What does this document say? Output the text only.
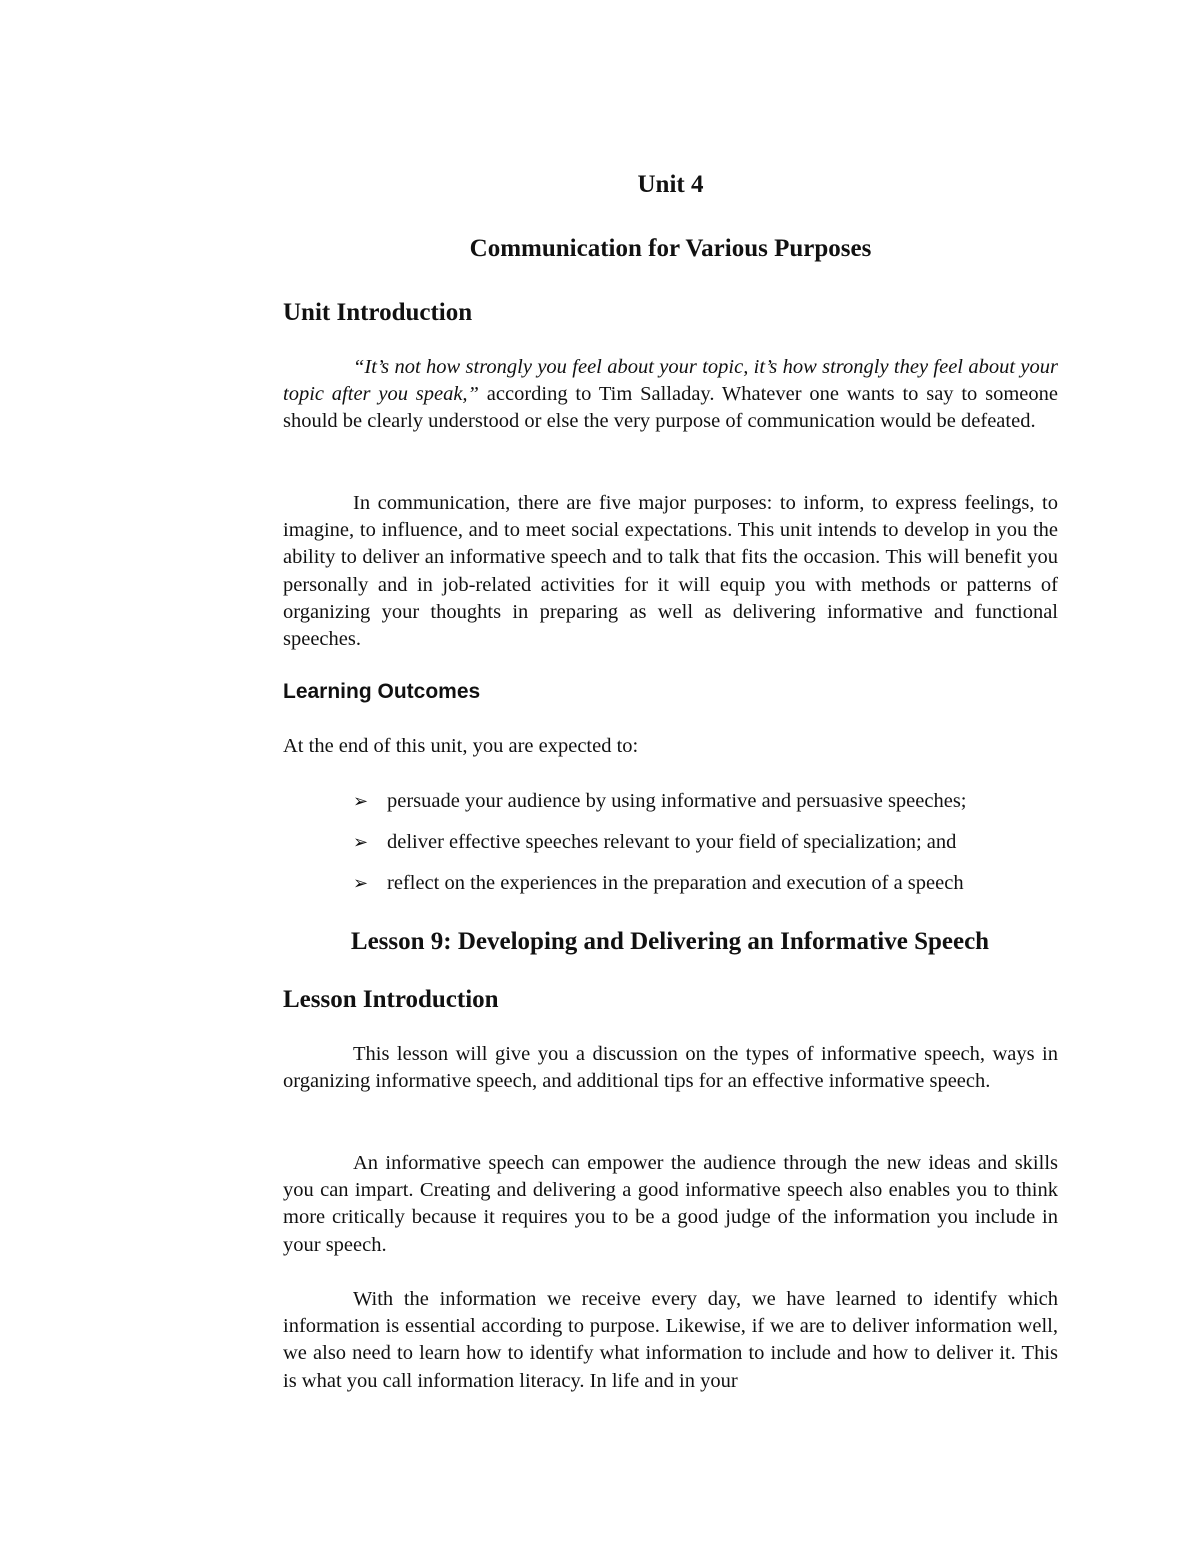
Unit 4
Communication for Various Purposes
Unit Introduction

“It’s not how strongly you feel about your topic, it’s how strongly they feel about your topic after you speak,” according to Tim Salladay. Whatever one wants to say to someone should be clearly understood or else the very purpose of communication would be defeated.

In communication, there are five major purposes: to inform, to express feelings, to imagine, to influence, and to meet social expectations. This unit intends to develop in you the ability to deliver an informative speech and to talk that fits the occasion. This will benefit you personally and in job-related activities for it will equip you with methods or patterns of organizing your thoughts in preparing as well as delivering informative and functional speeches.

Learning Outcomes

At the end of this unit, you are expected to:

➢ persuade your audience by using informative and persuasive speeches;
➢ deliver effective speeches relevant to your field of specialization; and
➢ reflect on the experiences in the preparation and execution of a speech
Lesson 9: Developing and Delivering an Informative Speech
Lesson Introduction

This lesson will give you a discussion on the types of informative speech, ways in organizing informative speech, and additional tips for an effective informative speech.

An informative speech can empower the audience through the new ideas and skills you can impart. Creating and delivering a good informative speech also enables you to think more critically because it requires you to be a good judge of the information you include in your speech.

With the information we receive every day, we have learned to identify which information is essential according to purpose. Likewise, if we are to deliver information well, we also need to learn how to identify what information to include and how to deliver it. This is what you call information literacy. In life and in your
